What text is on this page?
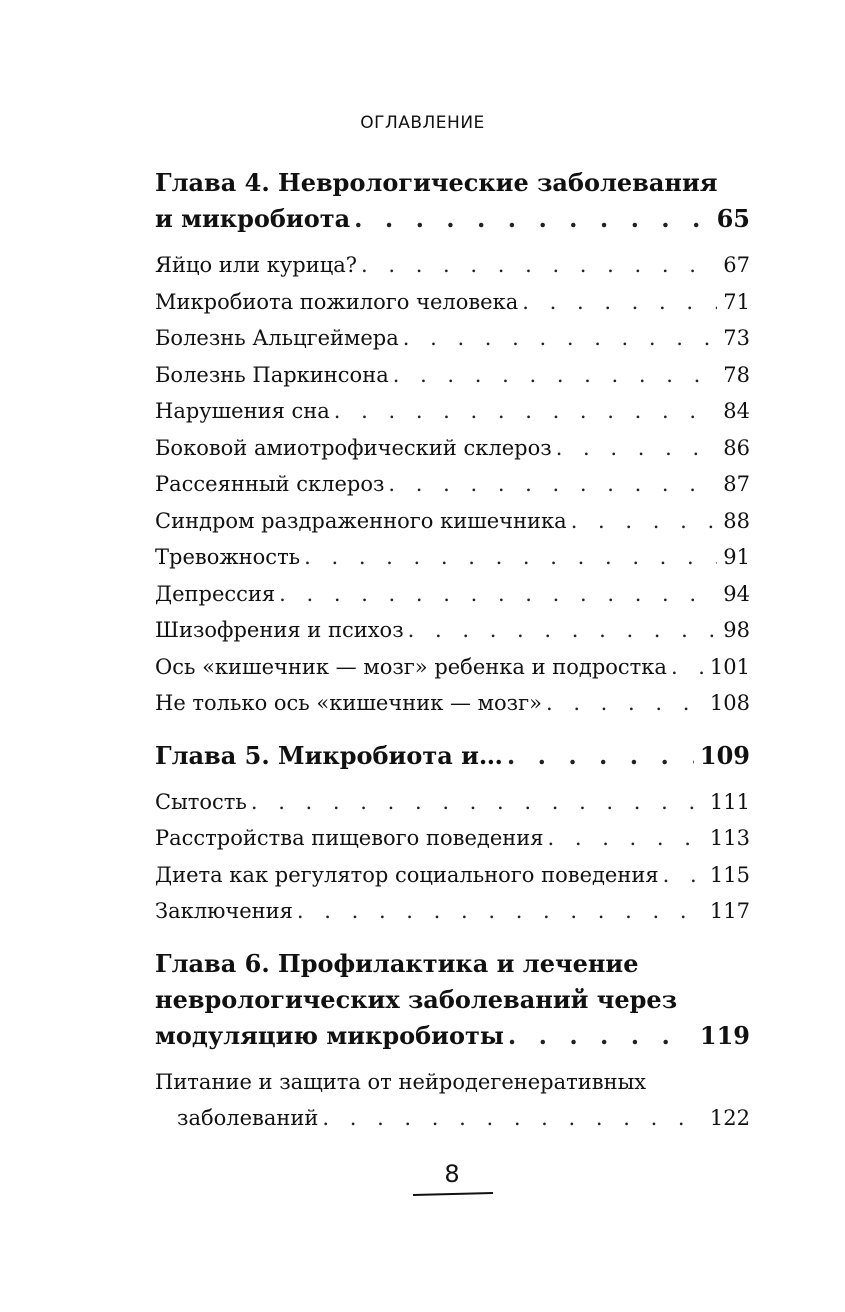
ОГЛАВЛЕНИЕ
Глава 4. Неврологические заболевания
и микробиота . . .	65
Яйцо или курица? . . .	67
Микробиота пожилого человека . . .	71
Болезнь Альцгеймера . . .	73
Болезнь Паркинсона . . .	78
Нарушения сна . . .	84
Боковой амиотрофический склероз . . .	86
Рассеянный склероз . . .	87
Синдром раздраженного кишечника . . .	88
Тревожность . . .	91
Депрессия . . .	94
Шизофрения и психоз . . .	98
Ось «кишечник — мозг» ребенка и подростка . . . 101
Не только ось «кишечник — мозг» . . .	108
Глава 5. Микробиота и… . . .	109
Сытость . . .	111
Расстройства пищевого поведения . . .	113
Диета как регулятор социального поведения . . . 115
Заключения . . .	117
Глава 6. Профилактика и лечение
неврологических заболеваний через
модуляцию микробиоты . . .	119
Питание и защита от нейродегенеративных
заболеваний . . .	122
8
